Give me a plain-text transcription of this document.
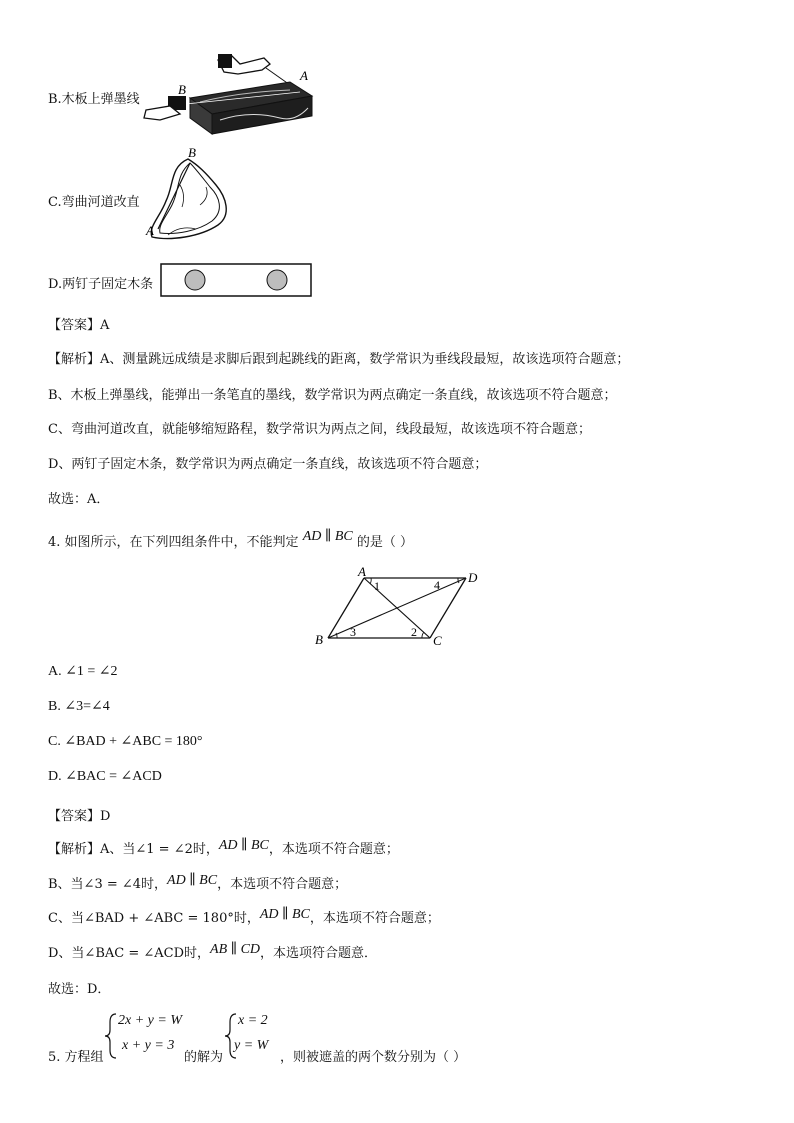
B.木板上弹墨线
A
B
C.弯曲河道改直
B
A
D.两钉子固定木条
【答案】A
【解析】A、测量跳远成绩是求脚后跟到起跳线的距离，数学常识为垂线段最短，故该选项符合题意；
B、木板上弹墨线，能弹出一条笔直的墨线，数学常识为两点确定一条直线，故该选项不符合题意；
C、弯曲河道改直，就能够缩短路程，数学常识为两点之间，线段最短，故该选项不符合题意；
D、两钉子固定木条，数学常识为两点确定一条直线，故该选项不符合题意；
故选：A．
4. 如图所示，在下列四组条件中，不能判定 AD ∥ BC 的是（ ）
A	D
B	C
1
2
3
4
A. ∠1 = ∠2
B. ∠3=∠4
C. ∠BAD + ∠ABC = 180°
D. ∠BAC = ∠ACD
【答案】D
【解析】A、当∠1 = ∠2时，AD ∥ BC，本选项不符合题意；
B、当∠3 = ∠4时，AD ∥ BC，本选项不符合题意；
C、当∠BAD + ∠ABC = 180°时，AD ∥ BC，本选项不符合题意；
D、当∠BAC = ∠ACD时，AB ∥ CD，本选项符合题意．
故选：D．
5. 方程组
2x + y = W
x + y = 3
的解为
x = 2
y = W
，则被遮盖的两个数分别为（ ）
